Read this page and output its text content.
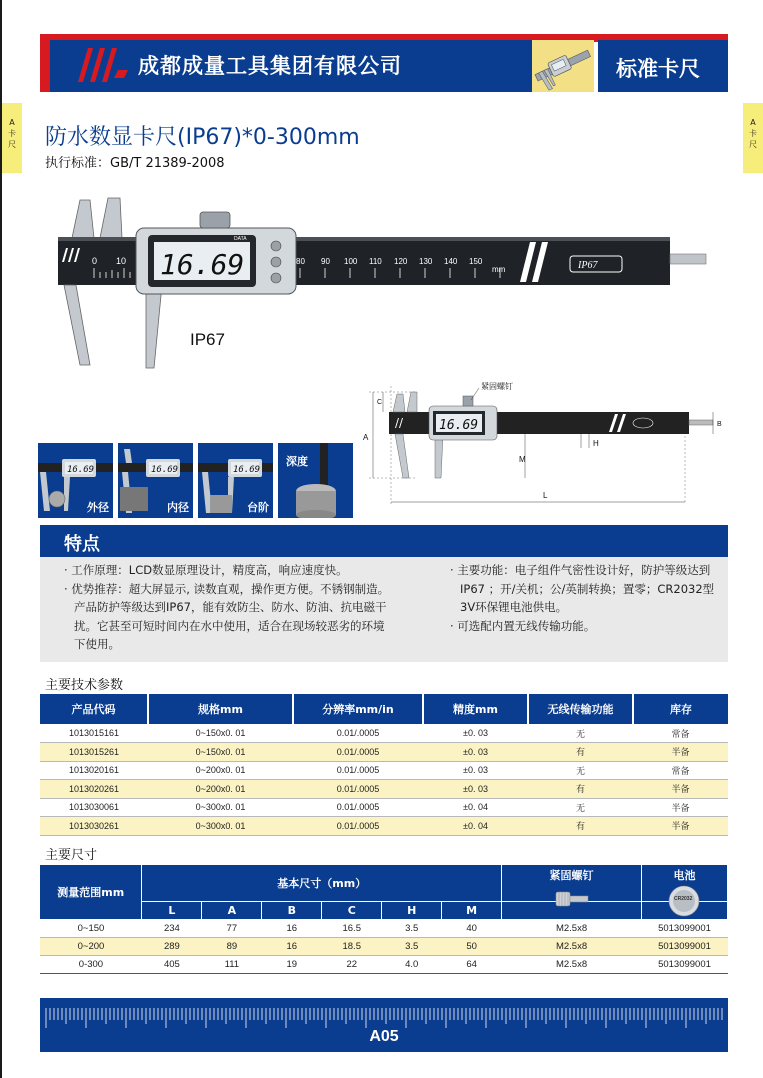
成都成量工具集团有限公司	标准卡尺
A
卡
尺
A
卡
尺
防水数显卡尺(IP67)*0-300mm
执行标准：GB/T 21389-2008
0 10	80 90 100 110 120 130 140 150
mm	IP67
16.69
DATA
IP67
16.69
紧固螺钉
A
C
M
H
B
L
16.69
外径
16.69
内径
16.69
台阶
深度
特点
· 工作原理：LCD数显原理设计，精度高，响应速度快。
· 优势推荐：超大屏显示, 读数直观，操作更方便。不锈钢制造。产品防护等级达到IP67，能有效防尘、防水、防油、抗电磁干扰。它甚至可短时间内在水中使用，适合在现场较恶劣的环境下使用。
· 主要功能：电子组件气密性设计好，防护等级达到IP67 ；开/关机；公/英制转换；置零；CR2032型3V环保锂电池供电。
· 可选配内置无线传输功能。
主要技术参数
产品代码	规格mm	分辨率mm/in	精度mm	无线传输功能	库存
1013015161	0~150x0. 01	0.01/.0005	±0. 03	无	常备
1013015261	0~150x0. 01	0.01/.0005	±0. 03	有	半备
1013020161	0~200x0. 01	0.01/.0005	±0. 03	无	常备
1013020261	0~200x0. 01	0.01/.0005	±0. 03	有	半备
1013030061	0~300x0. 01	0.01/.0005	±0. 04	无	半备
1013030261	0~300x0. 01	0.01/.0005	±0. 04	有	半备
主要尺寸
测量范围mm	基本尺寸（mm）						紧固螺钉	电池
	L	A	B	C	H	M		CR2032

0~150	234	77	16	16.5	3.5	40	M2.5x8	5013099001
0~200	289	89	16	18.5	3.5	50	M2.5x8	5013099001
0-300	405	111	19	22	4.0	64	M2.5x8	5013099001
A05
